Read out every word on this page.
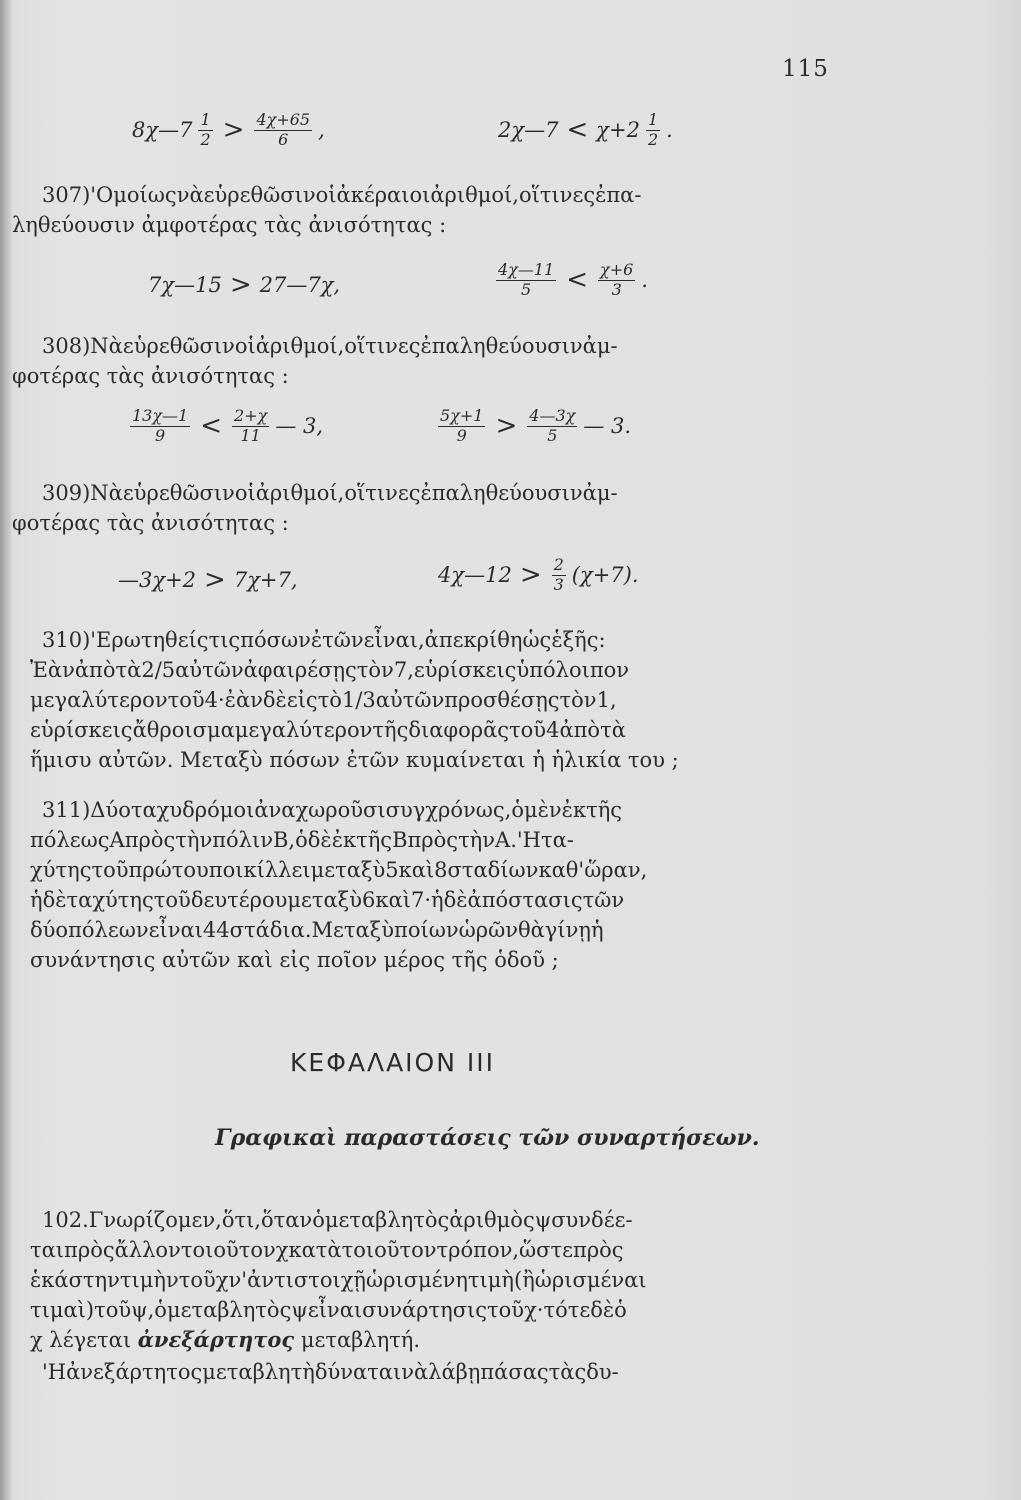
115
8χ—7 $\frac{1}{2} > \frac{4\chi+65}{6}$ ,	2χ—7 < $\chi+2 \frac{1}{2}$ .
307)'Ομοίωςνὰεὑρεθῶσινοἱἀκέραιοιἀριθμοί,οἵτινεςἐπα-
ληθεύουσιν ἀμφοτέρας τὰς ἀνισότητας :
7χ—15 > 27—7χ,	$\frac{4\chi—11}{5} < \frac{\chi+6}{3}$ .
308)Νὰεὑρεθῶσινοἱἀριθμοί,οἵτινεςἐπαληθεύουσινἀμ-
φοτέρας τὰς ἀνισότητας :
$\frac{13\chi—1}{9} < \frac{2+\chi}{11}$ — 3,	$\frac{5\chi+1}{9} > \frac{4—3\chi}{5}$ — 3.
309)Νὰεὑρεθῶσινοἱἀριθμοί,οἵτινεςἐπαληθεύουσινἀμ-
φοτέρας τὰς ἀνισότητας :
—3χ+2 > 7χ+7,	4χ—12 > $\frac{2}{3} (\chi+7)$.
310)'Ερωτηθείςτιςπόσωνἐτῶνεἶναι,ἀπεκρίθηὡςἑξῆς:
Ἐὰνἀπὸτὰ2/5αὐτῶνἀφαιρέσῃςτὸν7,εὑρίσκειςὑπόλοιπον
μεγαλύτεροντοῦ4·ἐὰνδὲεἰςτὸ1/3αὐτῶνπροσθέσῃςτὸν1,
εὑρίσκειςἄθροισμαμεγαλύτεροντῆςδιαφορᾶςτοῦ4ἀπὸτὰ
ἥμισυ αὐτῶν. Μεταξὺ πόσων ἐτῶν κυμαίνεται ἡ ἡλικία του ;
311)Δύοταχυδρόμοιἀναχωροῦσισυγχρόνως,ὁμὲνἐκτῆς
πόλεωςΑπρὸςτὴνπόλινΒ,ὁδὲἐκτῆςΒπρὸςτὴνΑ.'Ητα-
χύτηςτοῦπρώτουποικίλλειμεταξὺ5καὶ8σταδίωνκαθ'ὥραν,
ἡδὲταχύτηςτοῦδευτέρουμεταξὺ6καὶ7·ἡδὲἀπόστασιςτῶν
δύοπόλεωνεἶναι44στάδια.Μεταξὺποίωνὡρῶνθὰγίνῃἡ
συνάντησις αὐτῶν καὶ εἰς ποῖον μέρος τῆς ὁδοῦ ;
ΚΕΦΑΛΑΙΟΝ III
Γραφικαὶ παραστάσεις τῶν συναρτήσεων.
102.Γνωρίζομεν,ὅτι,ὅτανὁμεταβλητὸςἀριθμὸςψσυνδέε-
ταιπρὸςἄλλοντοιοῦτονχκατὰτοιοῦτοντρόπον,ὥστεπρὸς
ἑκάστηντιμὴντοῦχν'ἀντιστοιχῇὡρισμένητιμὴ(ἢὡρισμέναι
τιμαὶ)τοῦψ,ὁμεταβλητὸςψεἶναισυνάρτησιςτοῦχ·τότεδὲὁ
χ λέγεται ἀνεξάρτητος μεταβλητή.
'Ηἀνεξάρτητοςμεταβλητὴδύναταινὰλάβῃπάσαςτὰςδυ-
